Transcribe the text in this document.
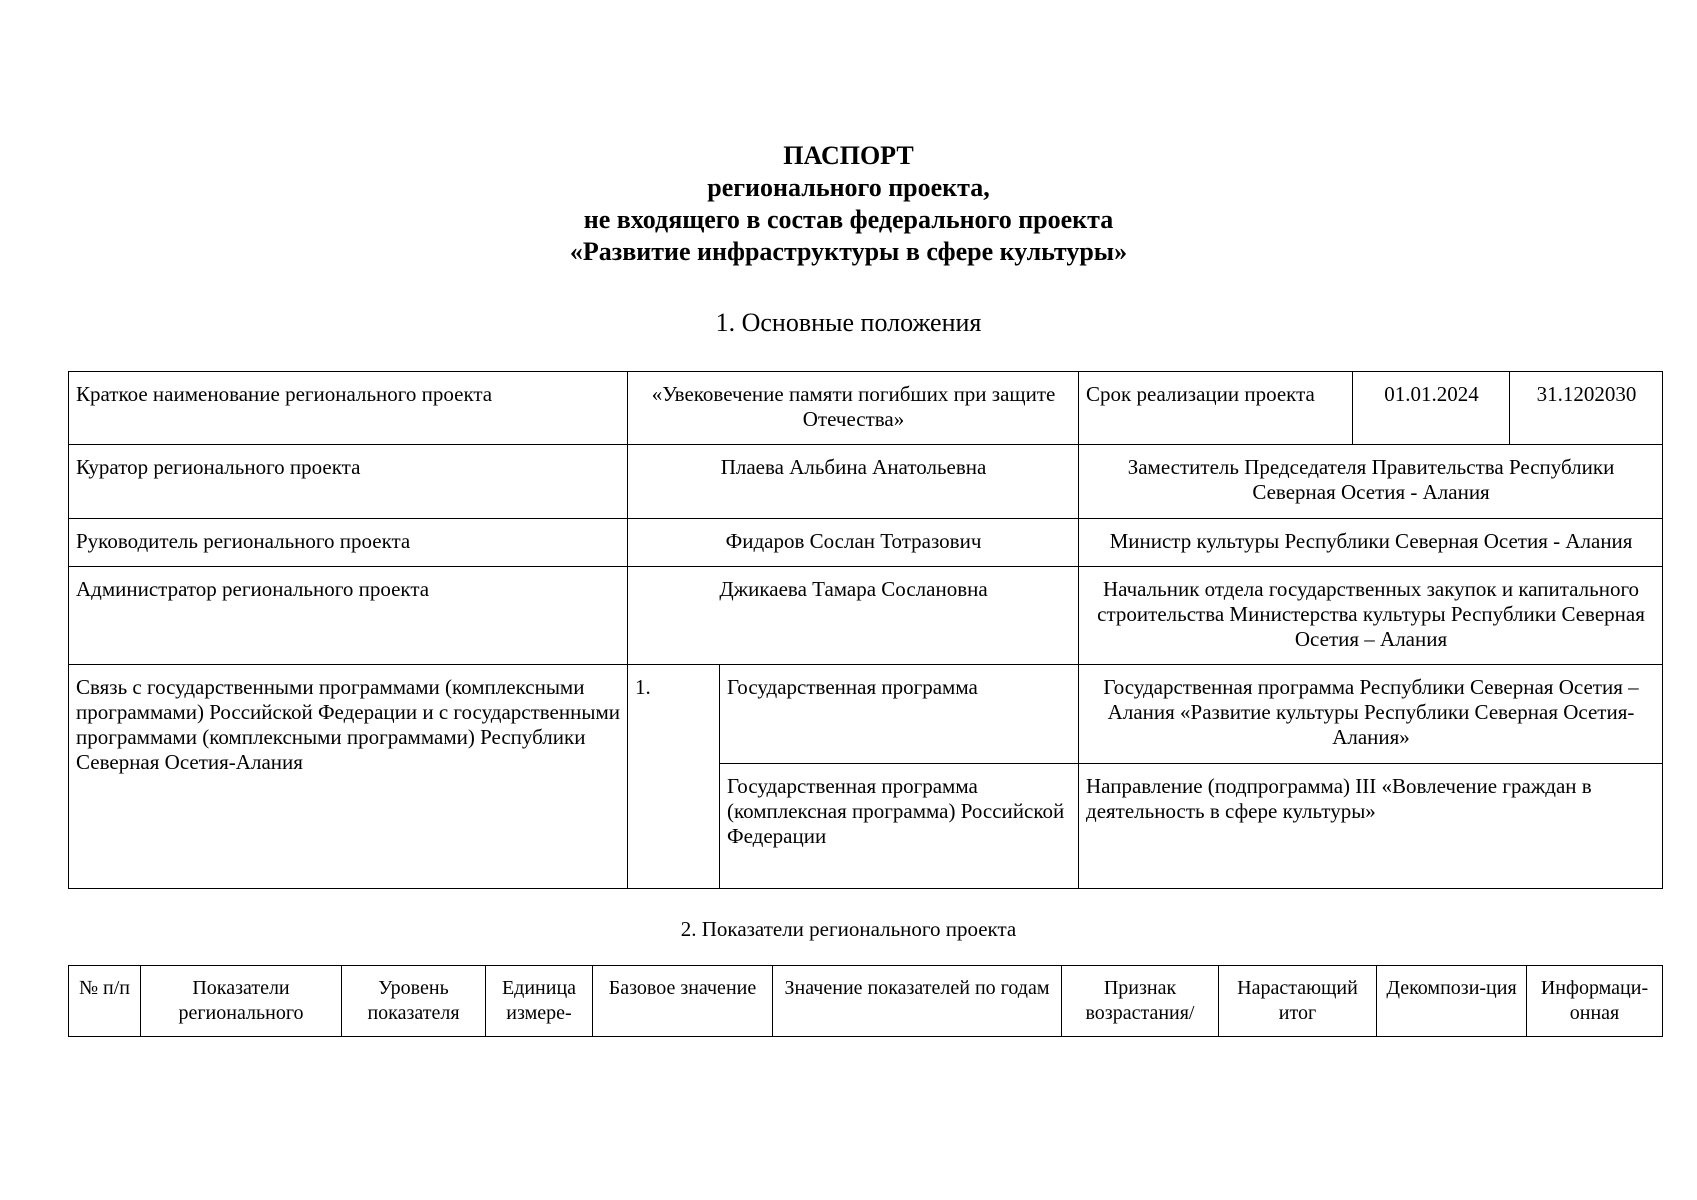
ПАСПОРТ
регионального проекта,
не входящего в состав федерального проекта
«Развитие инфраструктуры в сфере культуры»
1. Основные положения
Краткое наименование регионального проекта	«Увековечение памяти погибших при защите Отечества»		Срок реализации проекта	01.01.2024	31.1202030
Куратор регионального проекта	Плаева Альбина Анатольевна		Заместитель Председателя Правительства Республики Северная Осетия - Алания		
Руководитель регионального проекта	Фидаров Сослан Тотразович		Министр культуры Республики Северная Осетия - Алания		
Администратор регионального проекта	Джикаева Тамара Сослановна		Начальник отдела государственных закупок и капитального строительства Министерства культуры Республики Северная Осетия – Алания		
Связь с государственными программами (комплексными программами) Российской Федерации и с государственными программами (комплексными программами) Республики Северная Осетия-Алания	1.	Государственная программа	Государственная программа Республики Северная Осетия – Алания «Развитие культуры Республики Северная Осетия-Алания»		
		Государственная программа (комплексная программа) Российской Федерации	Направление (подпрограмма) III «Вовлечение граждан в деятельность в сфере культуры»		
2. Показатели регионального проекта
№ п/п	Показатели регионального	Уровень показателя	Единица измере-	Базовое значение	Значение показателей по годам	Признак возрастания/	Нарастающий итог	Декомпози-ция	Информаци-онная
